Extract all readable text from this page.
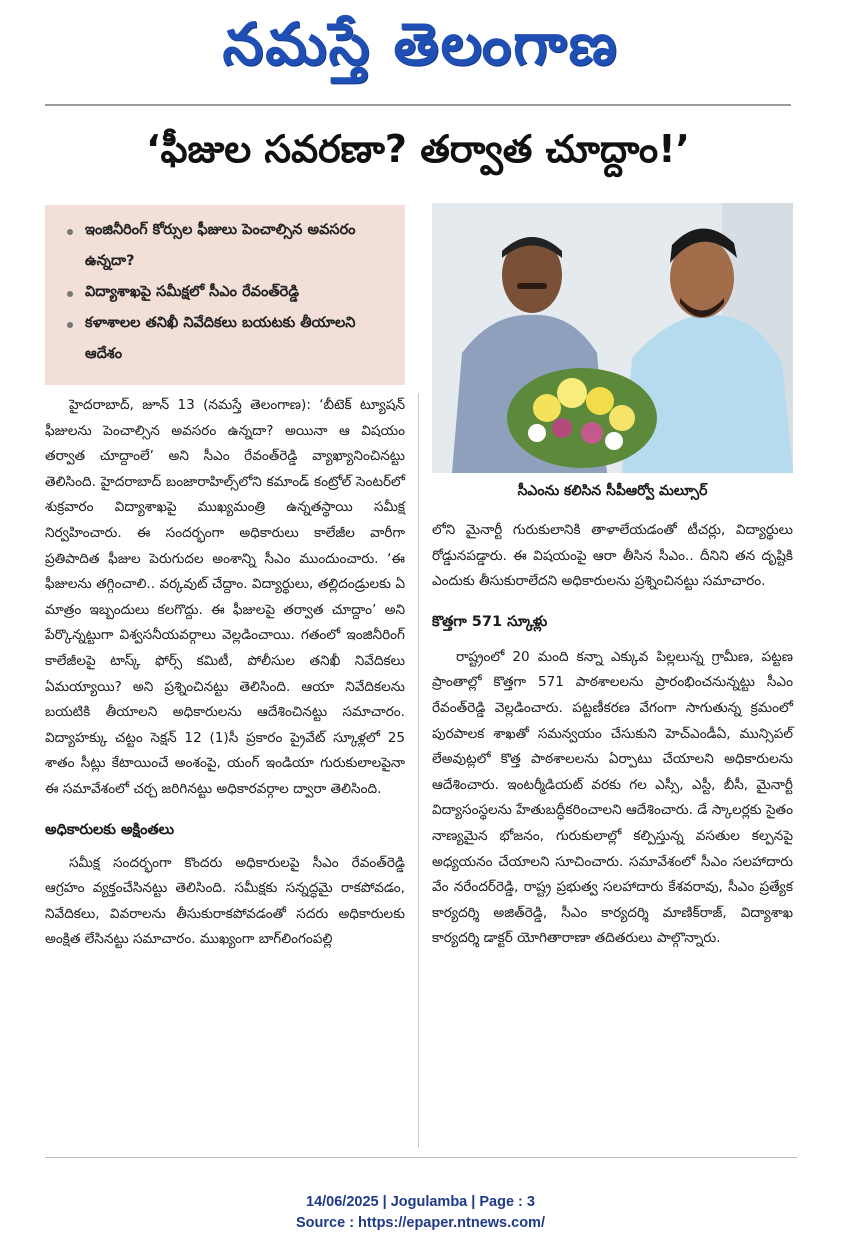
నమస్తే తెలంగాణ
‘ఫీజుల సవరణా? తర్వాత చూద్దాం!’
ఇంజినీరింగ్ కోర్సుల ఫీజులు పెంచాల్సిన అవసరం ఉన్నదా?
విద్యాశాఖపై సమీక్షలో సీఎం రేవంత్‌రెడ్డి
కళాశాలల తనిఖీ నివేదికలు బయటకు తీయాలని ఆదేశం
సీఎంను కలిసిన సీపీఆర్వో మల్సూర్

హైదరాబాద్, జూన్ 13 (నమస్తే తెలంగాణ): ‘బీటెక్ ట్యూషన్ ఫీజులను పెంచాల్సిన అవసరం ఉన్నదా? అయినా ఆ విషయం తర్వాత చూద్దాంలే’ అని సీఎం రేవంత్‌రెడ్డి వ్యాఖ్యానించినట్టు తెలిసింది. హైదరాబాద్ బంజారాహిల్స్‌లోని కమాండ్ కంట్రోల్ సెంటర్‌లో శుక్రవారం విద్యాశాఖపై ముఖ్యమంత్రి ఉన్నతస్థాయి సమీక్ష నిర్వహించారు. ఈ సందర్భంగా అధికారులు కాలేజీల వారీగా ప్రతిపాదిత ఫీజుల పెరుగుదల అంశాన్ని సీఎం ముందుంచారు. ‘ఈ ఫీజులను తగ్గించాలి.. వర్కవుట్ చేద్దాం. విద్యార్థులు, తల్లిదండ్రులకు ఏ మాత్రం ఇబ్బందులు కలగొద్దు. ఈ ఫీజులపై తర్వాత చూద్దాం’ అని పేర్కొన్నట్టుగా విశ్వసనీయవర్గాలు వెల్లడించాయి. గతంలో ఇంజినీరింగ్ కాలేజీలపై టాస్క్ ఫోర్స్ కమిటీ, పోలీసుల తనిఖీ నివేదికలు ఏమయ్యాయి? అని ప్రశ్నించినట్టు తెలిసింది. ఆయా నివేదికలను బయటికి తీయాలని అధికారులను ఆదేశించినట్టు సమాచారం. విద్యాహక్కు చట్టం సెక్షన్ 12 (1)సీ ప్రకారం ప్రైవేట్ స్కూళ్లలో 25 శాతం సీట్లు కేటాయించే అంశంపై, యంగ్ ఇండియా గురుకులాలపైనా ఈ సమావేశంలో చర్చ జరిగినట్టు అధికారవర్గాల ద్వారా తెలిసింది.

అధికారులకు అక్షింతలు

సమీక్ష సందర్భంగా కొందరు అధికారులపై సీఎం రేవంత్‌రెడ్డి ఆగ్రహం వ్యక్తంచేసినట్టు తెలిసింది. సమీక్షకు సన్నద్ధమై రాకపోవడం, నివేదికలు, వివరాలను తీసుకురాకపోవడంతో సదరు అధికారులకు అంక్షిత లేసినట్టు సమాచారం. ముఖ్యంగా బాగ్‌లింగంపల్లి

లోని మైనార్టీ గురుకులానికి తాళాలేయడంతో టీచర్లు, విద్యార్థులు రోడ్డునపడ్డారు. ఈ విషయంపై ఆరా తీసిన సీఎం.. దీనిని తన దృష్టికి ఎందుకు తీసుకురాలేదని అధికారులను ప్రశ్నించినట్టు సమాచారం.

కొత్తగా 571 స్కూళ్లు

రాష్ట్రంలో 20 మంది కన్నా ఎక్కువ పిల్లలున్న గ్రామీణ, పట్టణ ప్రాంతాల్లో కొత్తగా 571 పాఠశాలలను ప్రారంభించనున్నట్టు సీఎం రేవంత్‌రెడ్డి వెల్లడించారు. పట్టణీకరణ వేగంగా సాగుతున్న క్రమంలో పురపాలక శాఖతో సమన్వయం చేసుకుని హెచ్‌ఎండీఏ, మున్సిపల్ లేఅవుట్లలో కొత్త పాఠశాలలను ఏర్పాటు చేయాలని అధికారులను ఆదేశించారు. ఇంటర్మీడియట్ వరకు గల ఎస్సీ, ఎస్టీ, బీసీ, మైనార్టీ విద్యాసంస్థలను హేతుబద్ధీకరించాలని ఆదేశించారు. డే స్కాలర్లకు సైతం నాణ్యమైన భోజనం, గురుకులాల్లో కల్పిస్తున్న వసతుల కల్పనపై అధ్యయనం చేయాలని సూచించారు. సమావేశంలో సీఎం సలహాదారు వేం నరేందర్‌రెడ్డి, రాష్ట్ర ప్రభుత్వ సలహాదారు కేశవరావు, సీఎం ప్రత్యేక కార్యదర్శి అజిత్‌రెడ్డి, సీఎం కార్యదర్శి మాణిక్‌రాజ్, విద్యాశాఖ కార్యదర్శి డాక్టర్ యోగితారాణా తదితరులు పాల్గొన్నారు.

14/06/2025 | Jogulamba | Page : 3
Source : https://epaper.ntnews.com/
